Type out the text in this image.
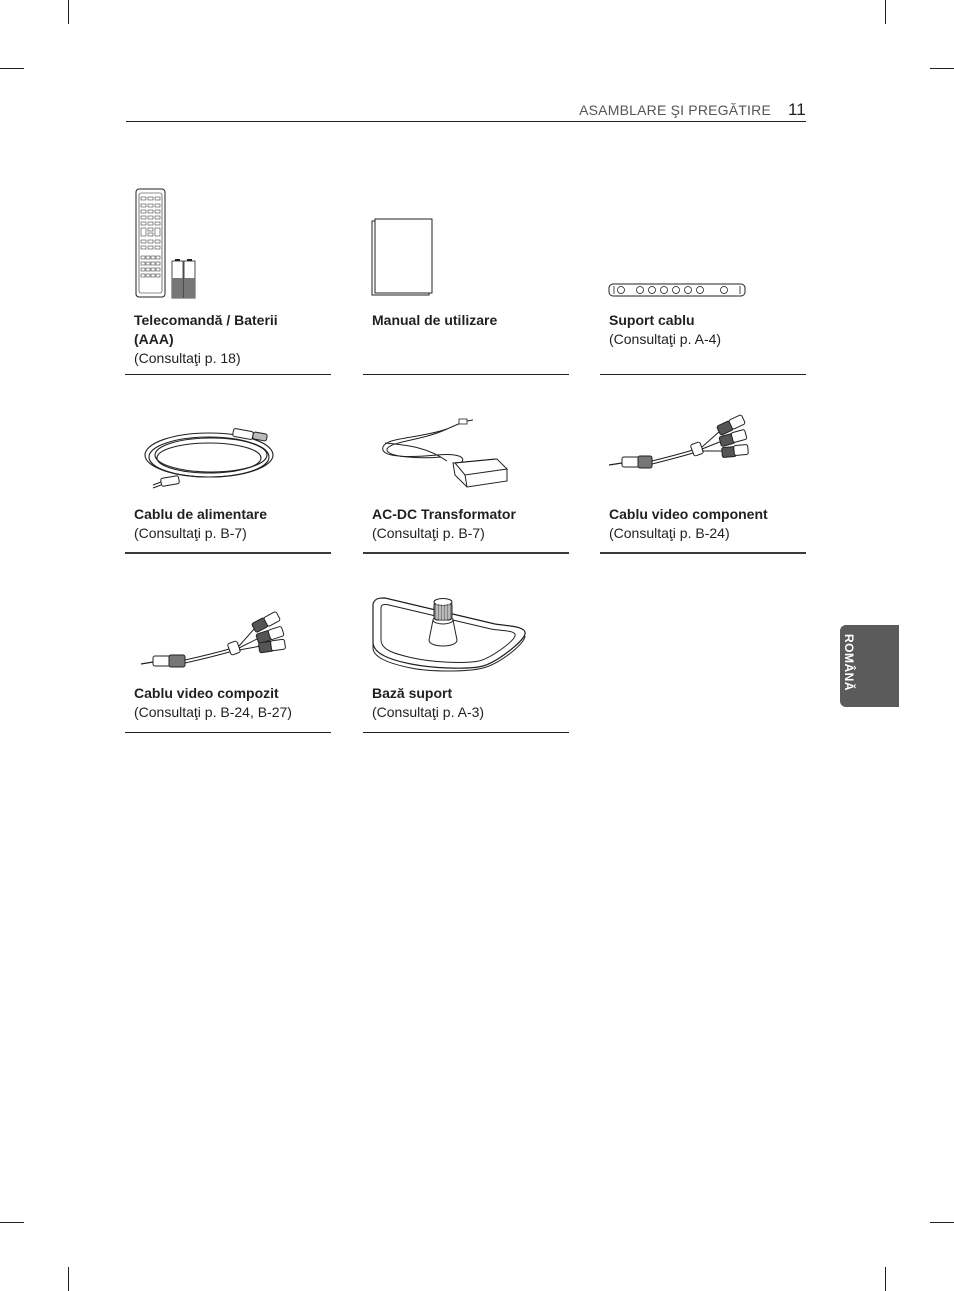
ASAMBLARE ŞI PREGĂTIRE 11
Telecomandă / Baterii (AAA)
(Consultaţi p. 18)
Manual de utilizare	Suport cablu
(Consultaţi p. A-4)
Cablu de alimentare
(Consultaţi p. B-7)
AC-DC Transformator
(Consultaţi p. B-7)
Cablu video component
(Consultaţi p. B-24)
Cablu video compozit
(Consultaţi p. B-24, B-27)
Bază suport
(Consultaţi p. A-3)
ROMÂNĂ
